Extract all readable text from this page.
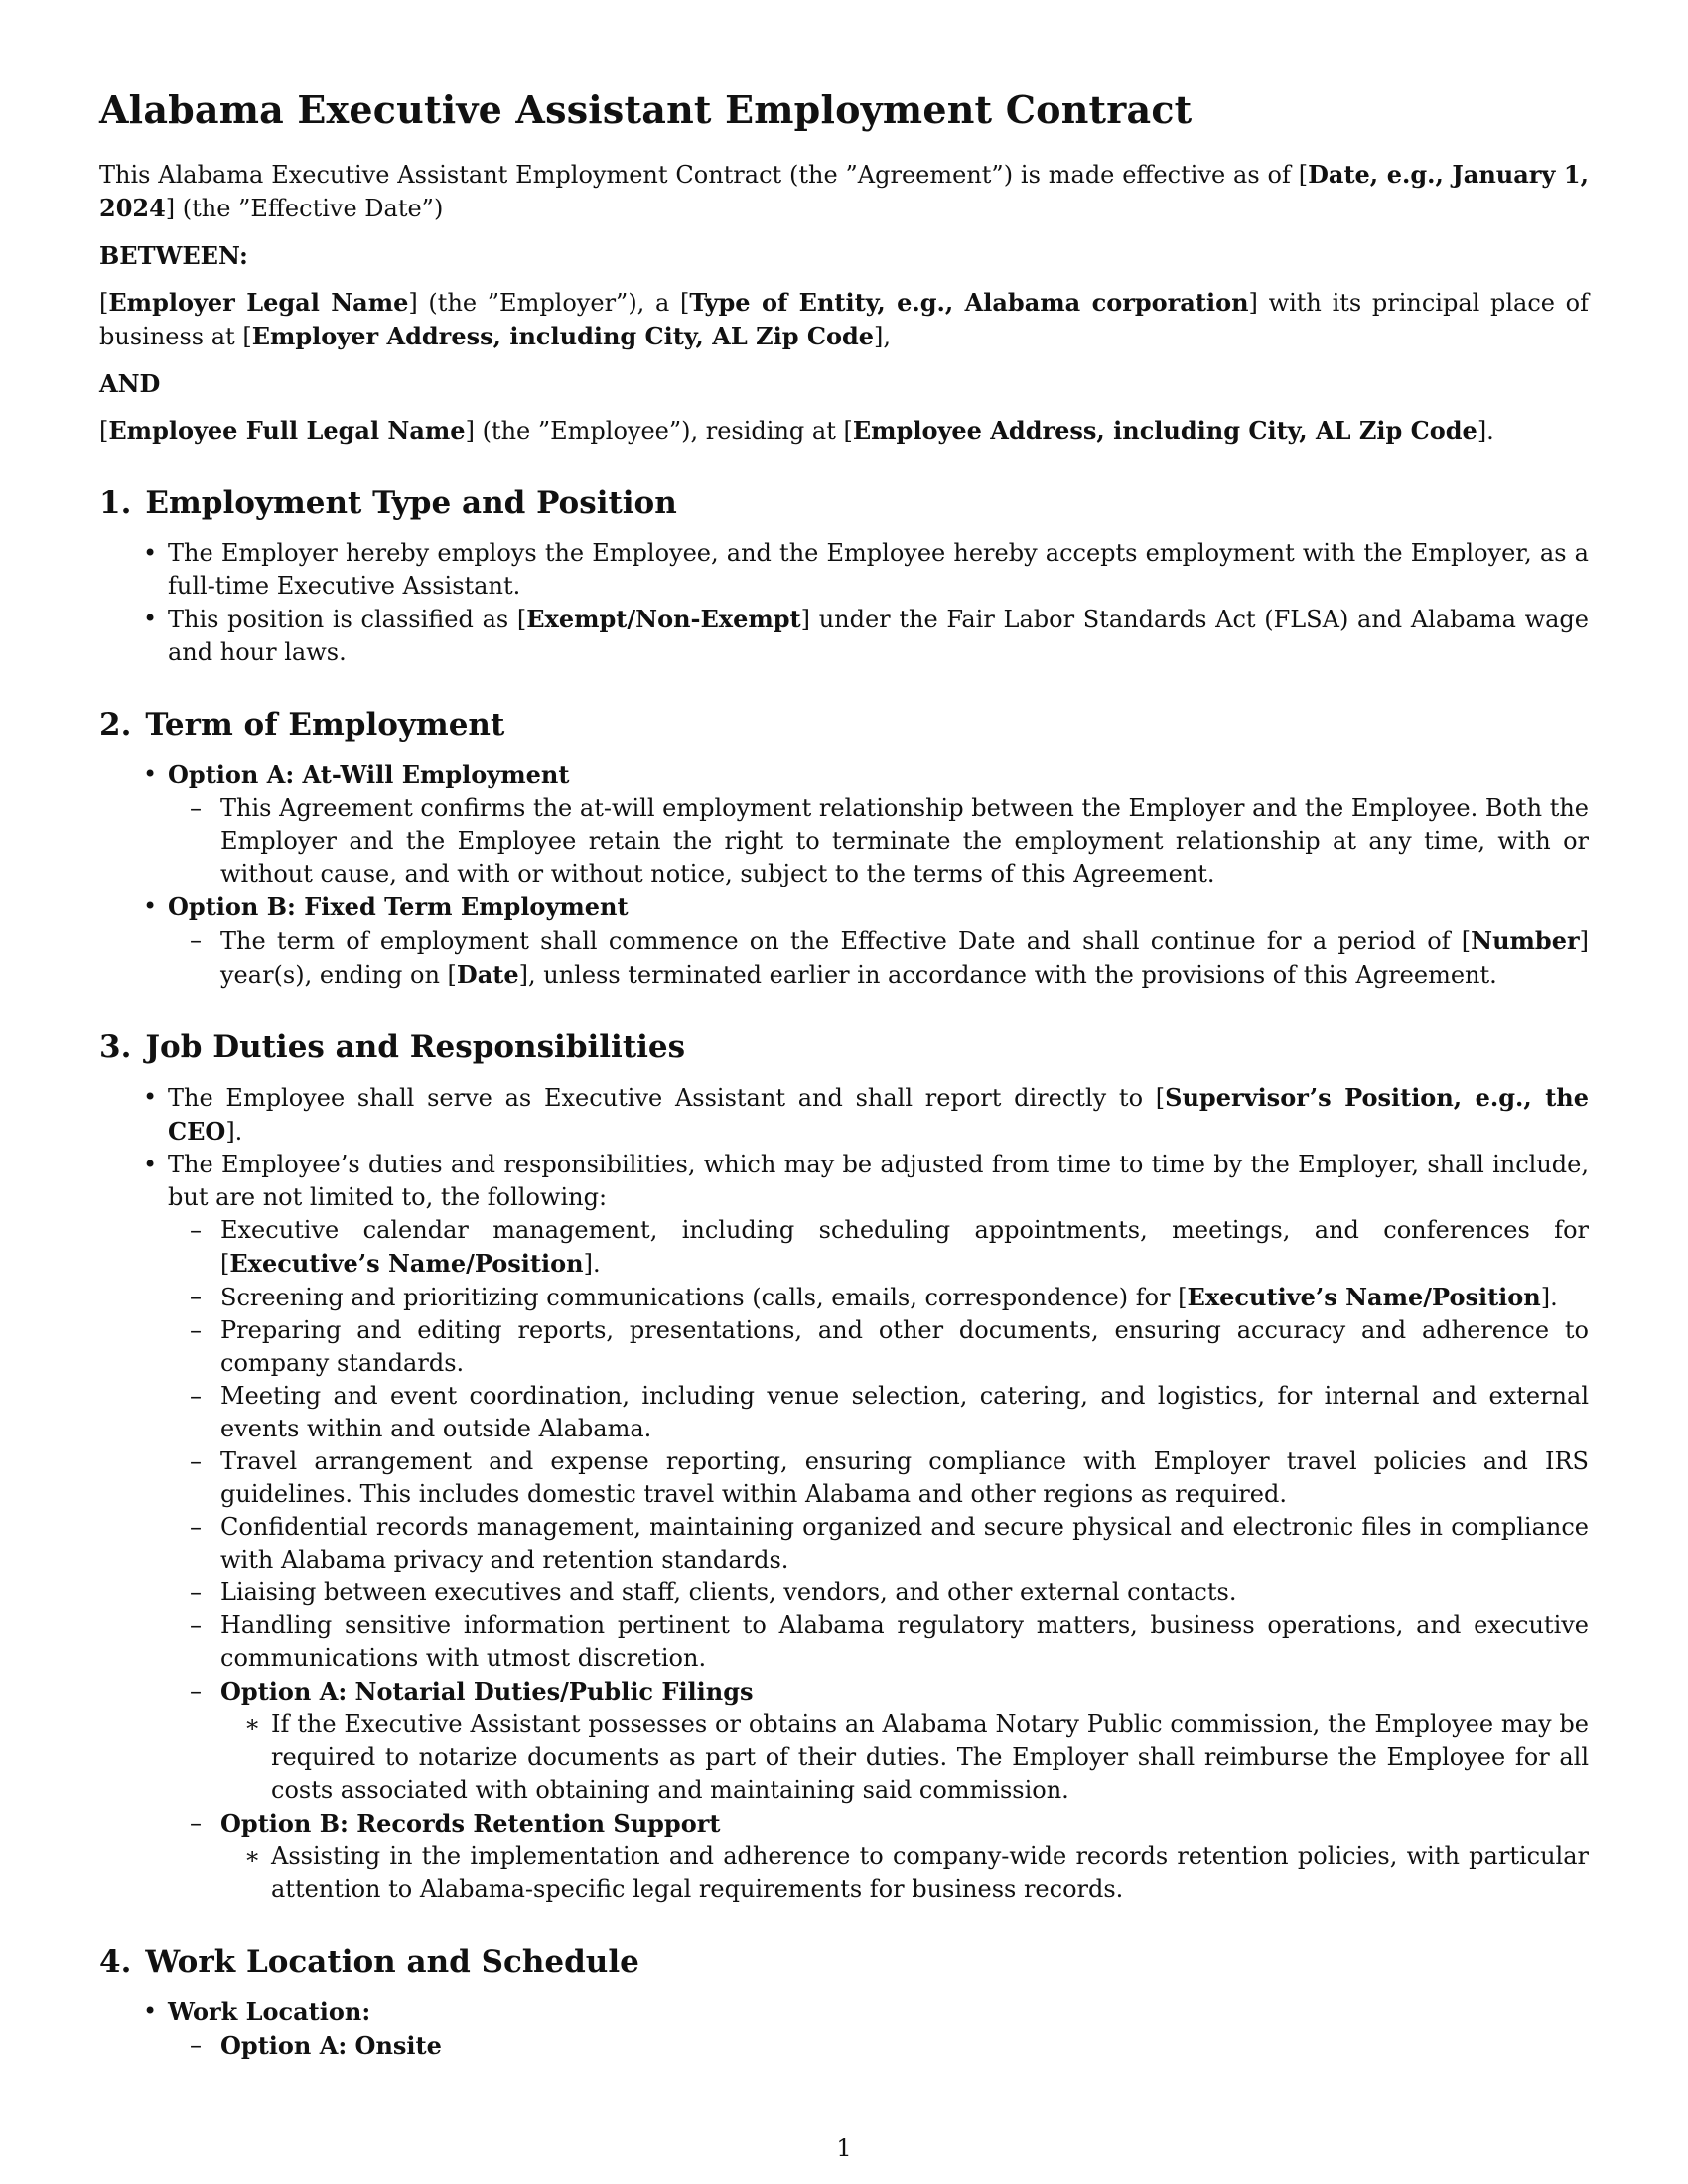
Alabama Executive Assistant Employment Contract

This Alabama Executive Assistant Employment Contract (the ”Agreement”) is made effective as of [Date, e.g., January 1, 2024] (the ”Effective Date”)

BETWEEN:

[Employer Legal Name] (the ”Employer”), a [Type of Entity, e.g., Alabama corporation] with its principal place of business at [Employer Address, including City, AL Zip Code],

AND

[Employee Full Legal Name] (the ”Employee”), residing at [Employee Address, including City, AL Zip Code].

1. Employment Type and Position
• The Employer hereby employs the Employee, and the Employee hereby accepts employment with the Employer, as a full-time Executive Assistant.
• This position is classified as [Exempt/Non-Exempt] under the Fair Labor Standards Act (FLSA) and Alabama wage and hour laws.
2. Term of Employment
• Option A: At-Will Employment
– This Agreement confirms the at-will employment relationship between the Employer and the Employee. Both the Employer and the Employee retain the right to terminate the employment relationship at any time, with or without cause, and with or without notice, subject to the terms of this Agreement.
• Option B: Fixed Term Employment
– The term of employment shall commence on the Effective Date and shall continue for a period of [Number] year(s), ending on [Date], unless terminated earlier in accordance with the provisions of this Agreement.
3. Job Duties and Responsibilities
• The Employee shall serve as Executive Assistant and shall report directly to [Supervisor’s Position, e.g., the CEO].
• The Employee’s duties and responsibilities, which may be adjusted from time to time by the Employer, shall include, but are not limited to, the following:
– Executive calendar management, including scheduling appointments, meetings, and conferences for [Executive’s Name/Position].
– Screening and prioritizing communications (calls, emails, correspondence) for [Executive’s Name/Position].
– Preparing and editing reports, presentations, and other documents, ensuring accuracy and adherence to company standards.
– Meeting and event coordination, including venue selection, catering, and logistics, for internal and external events within and outside Alabama.
– Travel arrangement and expense reporting, ensuring compliance with Employer travel policies and IRS guidelines. This includes domestic travel within Alabama and other regions as required.
– Confidential records management, maintaining organized and secure physical and electronic files in compliance with Alabama privacy and retention standards.
– Liaising between executives and staff, clients, vendors, and other external contacts.
– Handling sensitive information pertinent to Alabama regulatory matters, business operations, and executive communications with utmost discretion.
– Option A: Notarial Duties/Public Filings
∗ If the Executive Assistant possesses or obtains an Alabama Notary Public commission, the Employee may be required to notarize documents as part of their duties. The Employer shall reimburse the Employee for all costs associated with obtaining and maintaining said commission.
– Option B: Records Retention Support
∗ Assisting in the implementation and adherence to company-wide records retention policies, with particular attention to Alabama-specific legal requirements for business records.
4. Work Location and Schedule
• Work Location:
– Option A: Onsite
1
